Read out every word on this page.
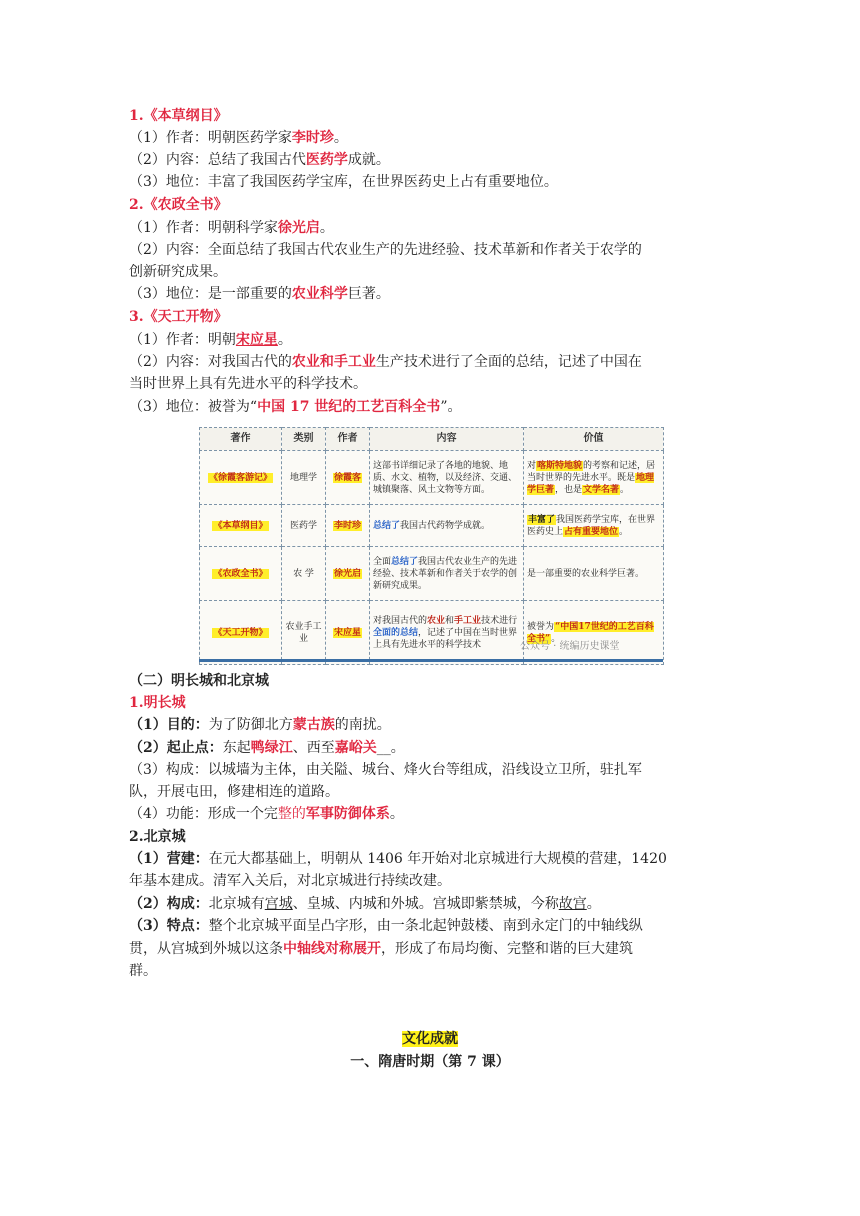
1.《本草纲目》
（1）作者：明朝医药学家李时珍。
（2）内容：总结了我国古代医药学成就。
（3）地位：丰富了我国医药学宝库，在世界医药史上占有重要地位。
2.《农政全书》
（1）作者：明朝科学家徐光启。
（2）内容：全面总结了我国古代农业生产的先进经验、技术革新和作者关于农学的
创新研究成果。
（3）地位：是一部重要的农业科学巨著。
3.《天工开物》
（1）作者：明朝宋应星。
（2）内容：对我国古代的农业和手工业生产技术进行了全面的总结，记述了中国在
当时世界上具有先进水平的科学技术。
（3）地位：被誉为“中国 17 世纪的工艺百科全书”。
著作	类别	作者	内容	价值
《徐霞客游记》	地理学	徐霞客	这部书详细记录了各地的地貌、地质、水文、植物，以及经济、交通、城镇聚落、风土文物等方面。	对喀斯特地貌的考察和记述，居当时世界的先进水平。既是地理学巨著，也是文学名著。
《本草纲目》	医药学	李时珍	总结了我国古代药物学成就。	丰富了我国医药学宝库，在世界医药史上占有重要地位。
《农政全书》	农 学	徐光启	全面总结了我国古代农业生产的先进经验、技术革新和作者关于农学的创新研究成果。	是一部重要的农业科学巨著。
《天工开物》	农业手工业	宋应星	对我国古代的农业和手工业技术进行全面的总结，记述了中国在当时世界上具有先进水平的科学技术	被誉为“中国17世纪的工艺百科全书”。
公众号 · 统编历史课堂
（二）明长城和北京城
1.明长城
（1）目的：为了防御北方蒙古族的南扰。
（2）起止点：东起鸭绿江、西至嘉峪关__。
（3）构成：以城墙为主体，由关隘、城台、烽火台等组成，沿线设立卫所，驻扎军
队，开展屯田，修建相连的道路。
（4）功能：形成一个完整的军事防御体系。
2.北京城
（1）营建：在元大都基础上，明朝从 1406 年开始对北京城进行大规模的营建，1420
年基本建成。清军入关后，对北京城进行持续改建。
（2）构成：北京城有宫城、皇城、内城和外城。宫城即紫禁城，今称故宫。
（3）特点：整个北京城平面呈凸字形，由一条北起钟鼓楼、南到永定门的中轴线纵
贯，从宫城到外城以这条中轴线对称展开，形成了布局均衡、完整和谐的巨大建筑
群。
文化成就
一、隋唐时期（第 7 课）
